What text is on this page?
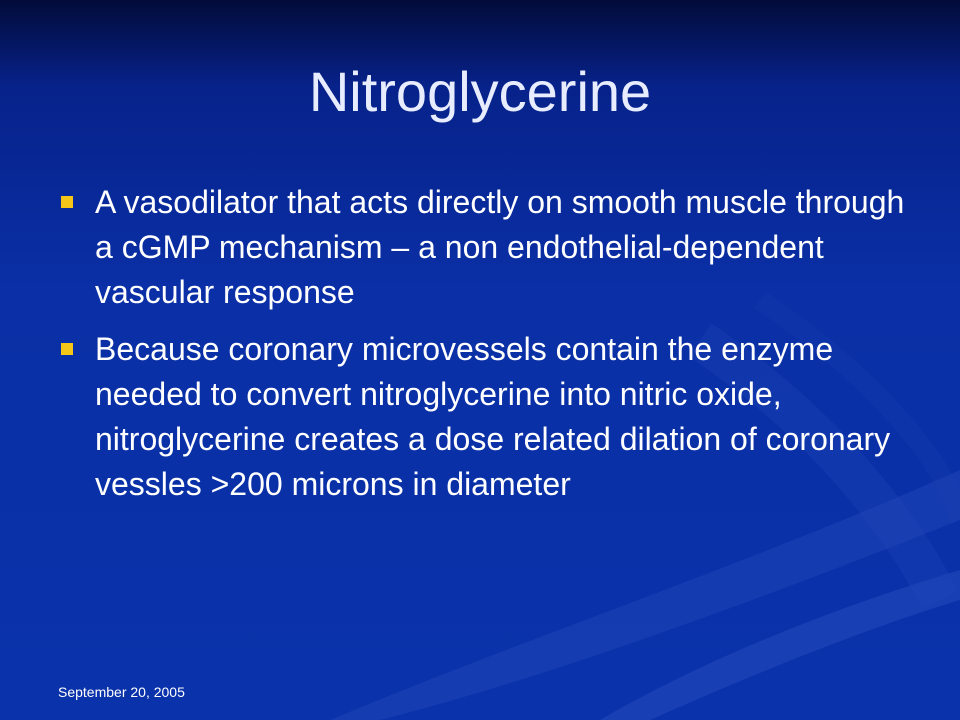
Nitroglycerine
A vasodilator that acts directly on smooth muscle through a cGMP mechanism – a non endothelial-dependent vascular response
Because coronary microvessels contain the enzyme needed to convert nitroglycerine into nitric oxide, nitroglycerine creates a dose related dilation of coronary vessles >200 microns in diameter
September 20, 2005
